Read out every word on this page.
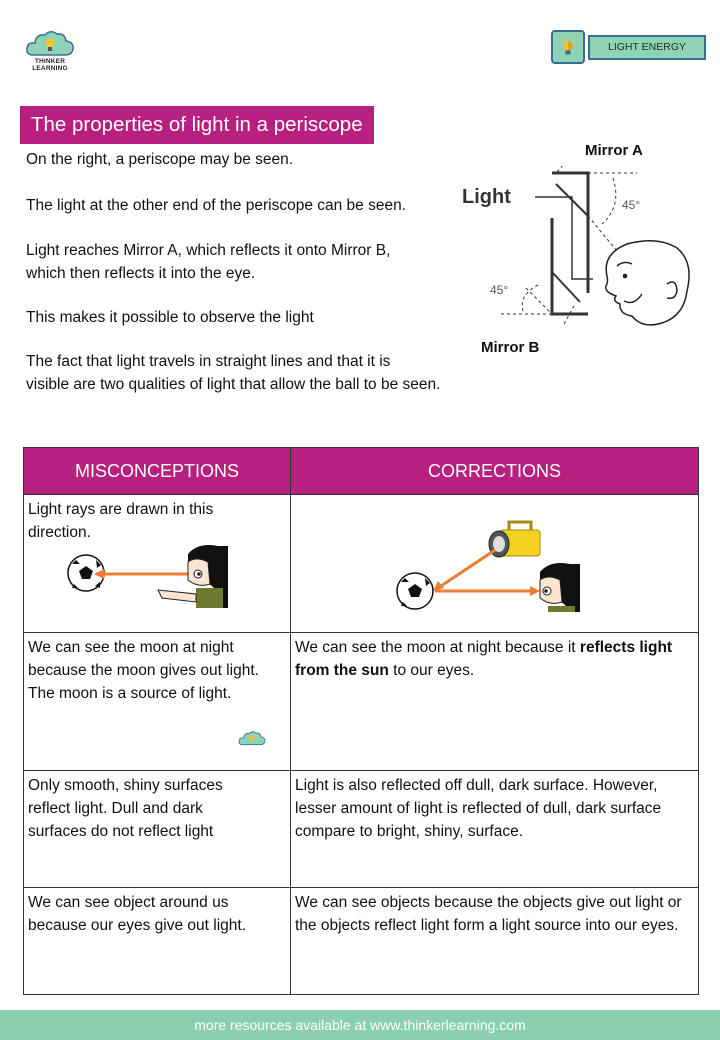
THINKER
LEARNING
LIGHT ENERGY
The properties of light in a periscope
On the right, a periscope may be seen.
The light at the other end of the periscope can be seen.
Light reaches Mirror A, which reflects it onto Mirror B,
which then reflects it into the eye.
This makes it possible to observe the light
The fact that light travels in straight lines and that it is
visible are two qualities of light that allow the ball to be seen.
Mirror A
Mirror B
Light	45°
45°
MISCONCEPTIONS	CORRECTIONS

Light rays are drawn in this direction.

We can see the moon at night because the moon gives out light. The moon is a source of light.	We can see the moon at night because it reflects light from the sun to our eyes.
Only smooth, shiny surfaces reflect light. Dull and dark surfaces do not reflect light	Light is also reflected off dull, dark surface. However, lesser amount of light is reflected of dull, dark surface compare to bright, shiny, surface.
We can see object around us because our eyes give out light.	We can see objects because the objects give out light or the objects reflect light form a light source into our eyes.
more resources available at www.thinkerlearning.com
